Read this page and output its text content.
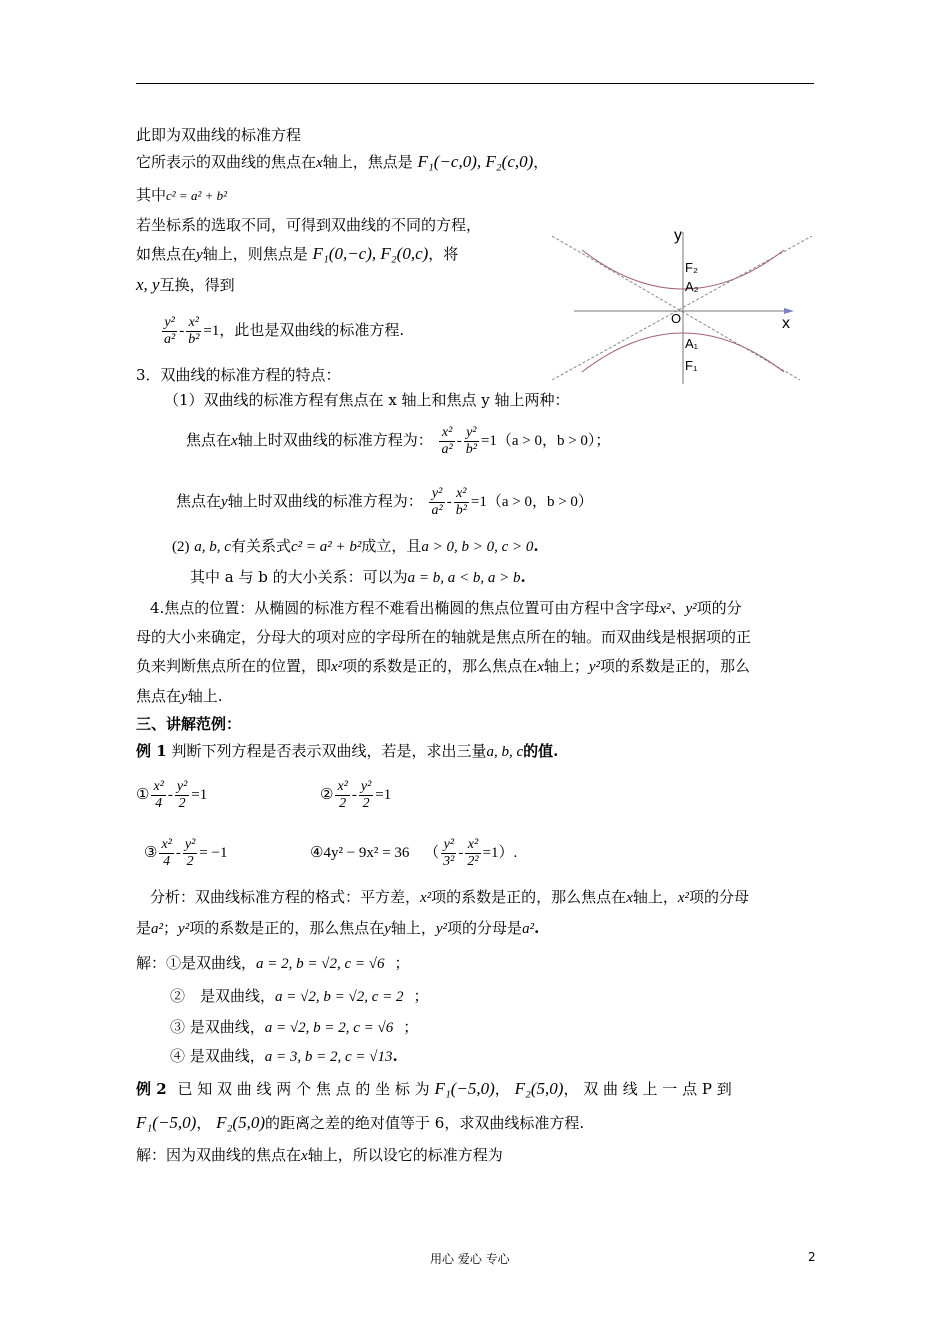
此即为双曲线的标准方程
它所表示的双曲线的焦点在x轴上，焦点是 F₁(−c,0), F₂(c,0)，
其中c² = a² + b²
若坐标系的选取不同，可得到双曲线的不同的方程，
如焦点在y轴上，则焦点是 F₁(0,−c), F₂(0,c)，将
x, y互换，得到
$\frac{\text{y²}}{\text{a²}} - \frac{\text{x²}}{\text{b²}} =1$，此也是双曲线的标准方程.
y
x
O
F₂
A₂
A₁
F₁
3．双曲线的标准方程的特点：
（1）双曲线的标准方程有焦点在 x 轴上和焦点 y 轴上两种：
焦点在x轴上时双曲线的标准方程为： $\frac{\text{x²}}{\text{a²}} - \frac{\text{y²}}{\text{b²}} =1(a > 0$，b > 0）；
焦点在y轴上时双曲线的标准方程为： $\frac{\text{y²}}{\text{a²}} - \frac{\text{x²}}{\text{b²}} =1(a > 0$，b > 0）
(2) a, b, c有关系式c² = a² + b²成立，且a > 0, b > 0, c > 0.
其中 a 与 b 的大小关系：可以为a = b, a < b, a > b.
4.焦点的位置：从椭圆的标准方程不难看出椭圆的焦点位置可由方程中含字母x²、y²项的分
母的大小来确定，分母大的项对应的字母所在的轴就是焦点所在的轴。而双曲线是根据项的正
负来判断焦点所在的位置，即x²项的系数是正的，那么焦点在x轴上；y²项的系数是正的，那么
焦点在y轴上.
三、讲解范例：
例 1 判断下列方程是否表示双曲线，若是，求出三量a, b, c的值.
① $\frac{\text{x²}}{4} - \frac{\text{y²}}{2} =1$	② $\frac{\text{x²}}{2} - \frac{\text{y²}}{2} =1$
③ $\frac{\text{x²}}{4} - \frac{\text{y²}}{2} = -1$	④4y² − 9x² = 36 （ $\frac{\text{y²}}{\text{3²}} - \frac{\text{x²}}{\text{2²}} =1$）.
分析：双曲线标准方程的格式：平方差，x²项的系数是正的，那么焦点在x轴上，x²项的分母
是a²；y²项的系数是正的，那么焦点在y轴上，y²项的分母是a².
解：①是双曲线，a = 2, b = √2, c = √6 ；
②　是双曲线，a = √2, b = √2, c = 2 ；
③ 是双曲线，a = √2, b = 2, c = √6 ；
④ 是双曲线，a = 3, b = 2, c = √13.
例 2 已 知 双 曲 线 两 个 焦 点 的 坐 标 为 F₁(−5,0)， F₂(5,0)， 双 曲 线 上 一 点 P 到
F₁(−5,0)， F₂(5,0)的距离之差的绝对值等于 6，求双曲线标准方程.
解：因为双曲线的焦点在x轴上，所以设它的标准方程为
用心 爱心 专心	2
